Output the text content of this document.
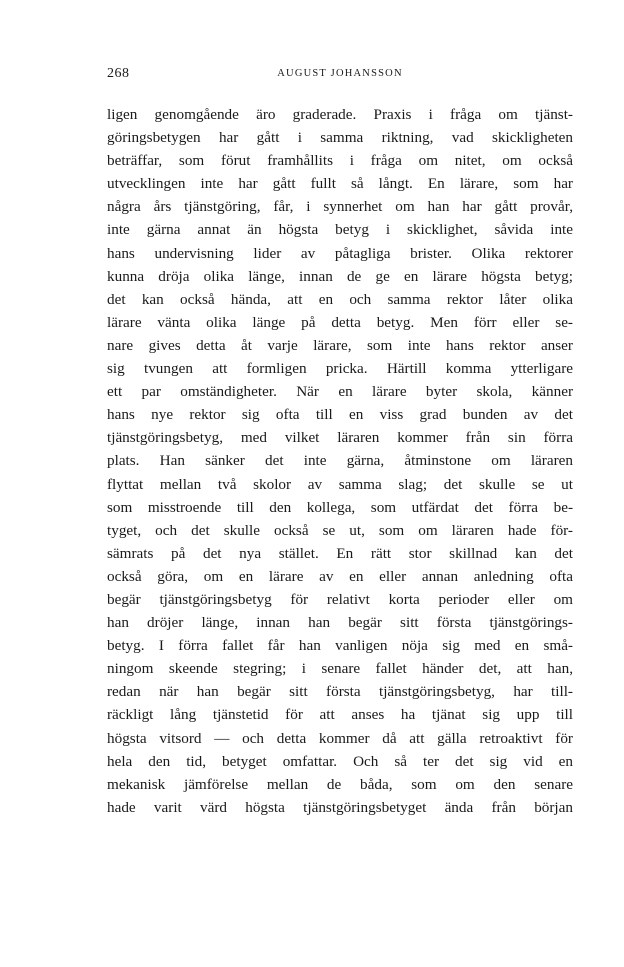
268	AUGUST JOHANSSON
ligen genomgående äro graderade. Praxis i fråga om tjänst-
göringsbetygen har gått i samma riktning, vad skickligheten
beträffar, som förut framhållits i fråga om nitet, om också
utvecklingen inte har gått fullt så långt. En lärare, som har
några års tjänstgöring, får, i synnerhet om han har gått provår,
inte gärna annat än högsta betyg i skicklighet, såvida inte
hans undervisning lider av påtagliga brister. Olika rektorer
kunna dröja olika länge, innan de ge en lärare högsta betyg;
det kan också hända, att en och samma rektor låter olika
lärare vänta olika länge på detta betyg. Men förr eller se-
nare gives detta åt varje lärare, som inte hans rektor anser
sig tvungen att formligen pricka. Härtill komma ytterligare
ett par omständigheter. När en lärare byter skola, känner
hans nye rektor sig ofta till en viss grad bunden av det
tjänstgöringsbetyg, med vilket läraren kommer från sin förra
plats. Han sänker det inte gärna, åtminstone om läraren
flyttat mellan två skolor av samma slag; det skulle se ut
som misstroende till den kollega, som utfärdat det förra be-
tyget, och det skulle också se ut, som om läraren hade för-
sämrats på det nya stället. En rätt stor skillnad kan det
också göra, om en lärare av en eller annan anledning ofta
begär tjänstgöringsbetyg för relativt korta perioder eller om
han dröjer länge, innan han begär sitt första tjänstgörings-
betyg. I förra fallet får han vanligen nöja sig med en små-
ningom skeende stegring; i senare fallet händer det, att han,
redan när han begär sitt första tjänstgöringsbetyg, har till-
räckligt lång tjänstetid för att anses ha tjänat sig upp till
högsta vitsord — och detta kommer då att gälla retroaktivt för
hela den tid, betyget omfattar. Och så ter det sig vid en
mekanisk jämförelse mellan de båda, som om den senare
hade varit värd högsta tjänstgöringsbetyget ända från början
